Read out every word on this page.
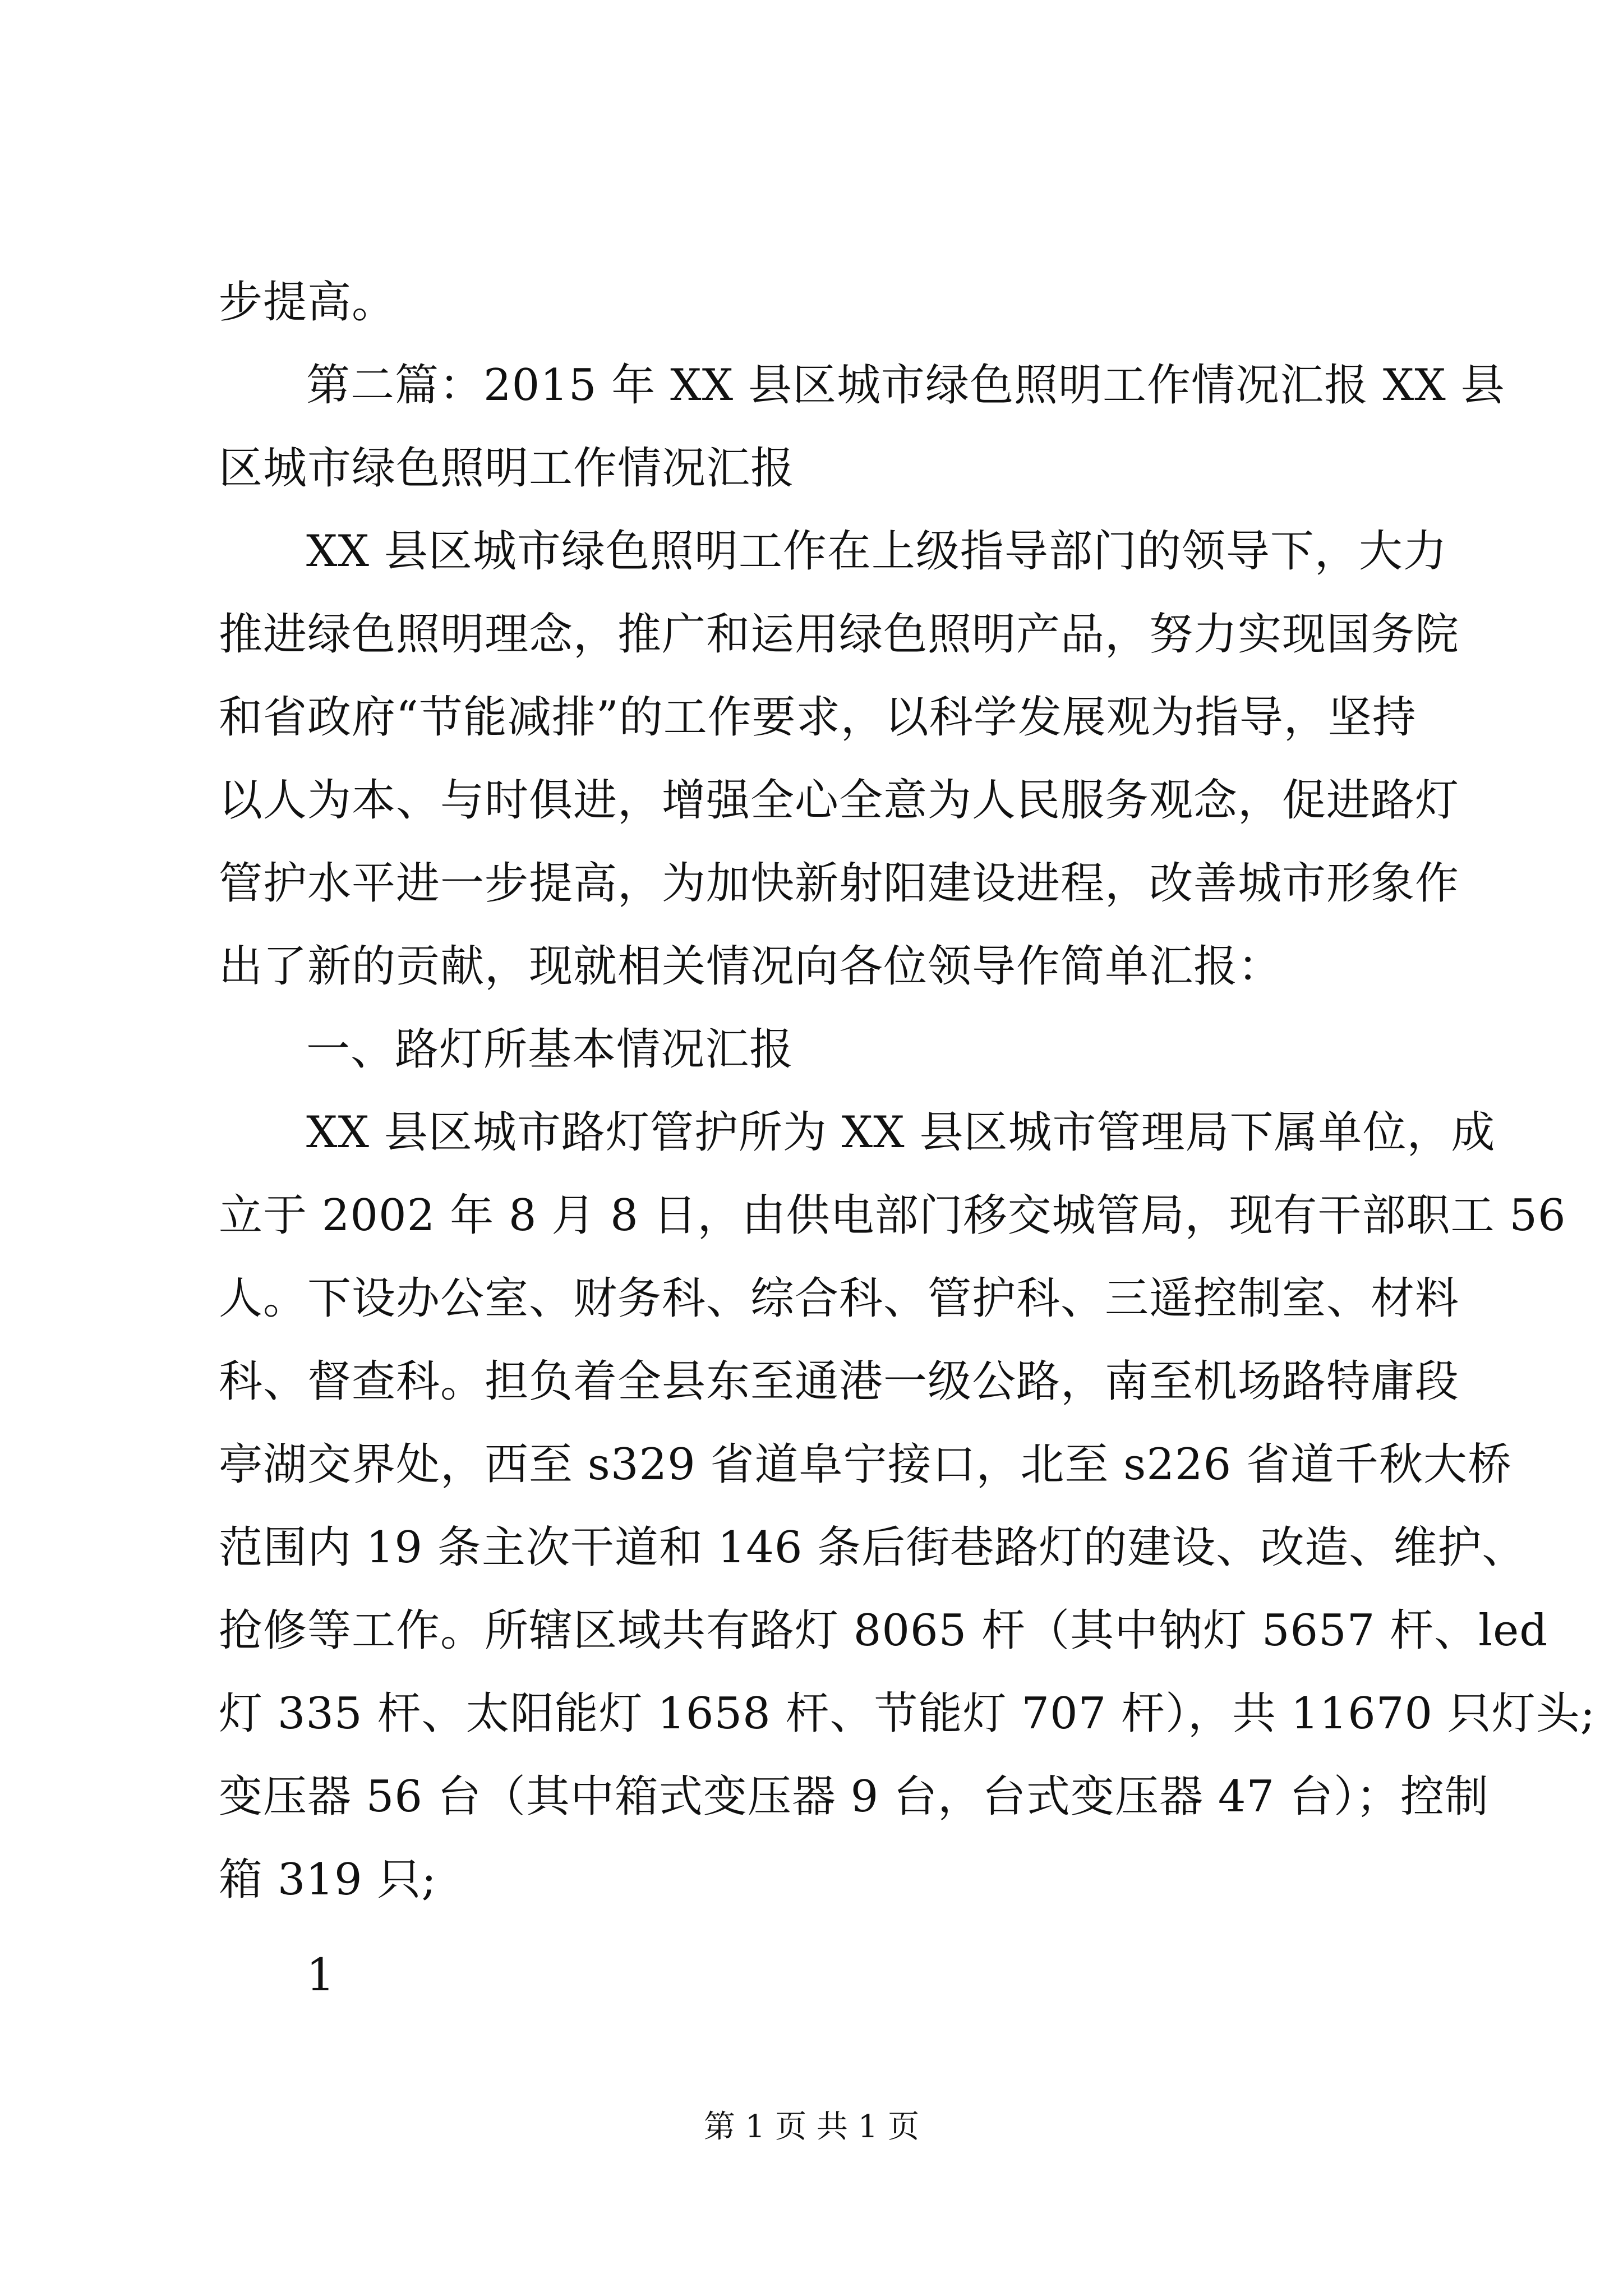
步提高。
第二篇：2015 年 XX 县区城市绿色照明工作情况汇报 XX 县
区城市绿色照明工作情况汇报
XX 县区城市绿色照明工作在上级指导部门的领导下，大力
推进绿色照明理念，推广和运用绿色照明产品，努力实现国务院
和省政府“节能减排”的工作要求，以科学发展观为指导，坚持
以人为本、与时俱进，增强全心全意为人民服务观念，促进路灯
管护水平进一步提高，为加快新射阳建设进程，改善城市形象作
出了新的贡献，现就相关情况向各位领导作简单汇报：
一、路灯所基本情况汇报
XX 县区城市路灯管护所为 XX 县区城市管理局下属单位，成
立于 2002 年 8 月 8 日，由供电部门移交城管局，现有干部职工 56
人。下设办公室、财务科、综合科、管护科、三遥控制室、材料
科、督查科。担负着全县东至通港一级公路，南至机场路特庸段
亭湖交界处，西至 s329 省道阜宁接口，北至 s226 省道千秋大桥
范围内 19 条主次干道和 146 条后街巷路灯的建设、改造、维护、
抢修等工作。所辖区域共有路灯 8065 杆（其中钠灯 5657 杆、led
灯 335 杆、太阳能灯 1658 杆、节能灯 707 杆），共 11670 只灯头;
变压器 56 台（其中箱式变压器 9 台，台式变压器 47 台）；控制
箱 319 只;
1
第 1 页 共 1 页
